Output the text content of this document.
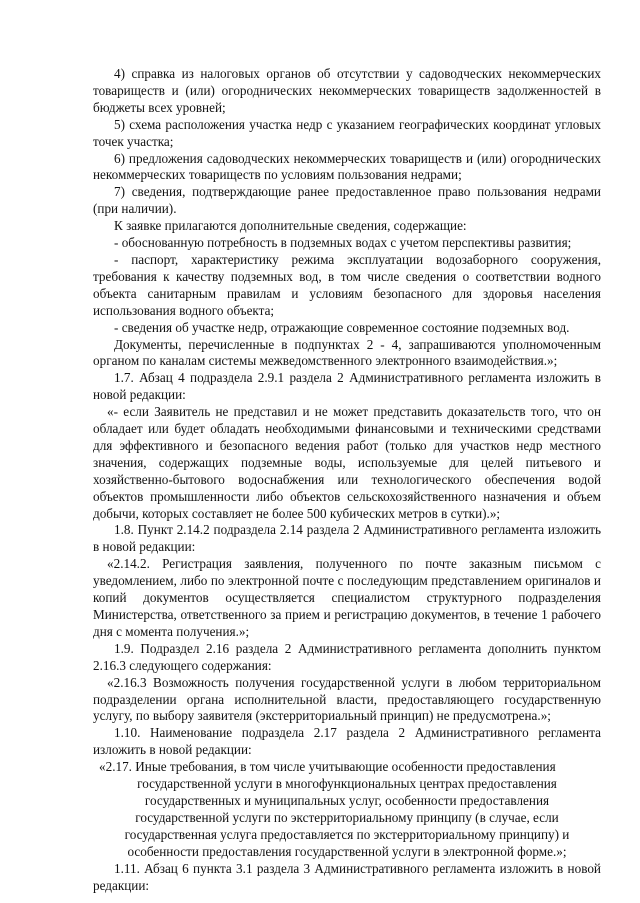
4) справка из налоговых органов об отсутствии у садоводческих некоммерческих товариществ и (или) огороднических некоммерческих товариществ задолженностей в бюджеты всех уровней;

5) схема расположения участка недр с указанием географических координат угловых точек участка;

6) предложения садоводческих некоммерческих товариществ и (или) огороднических некоммерческих товариществ по условиям пользования недрами;

7) сведения, подтверждающие ранее предоставленное право пользования недрами (при наличии).

К заявке прилагаются дополнительные сведения, содержащие:

- обоснованную потребность в подземных водах с учетом перспективы развития;

- паспорт, характеристику режима эксплуатации водозаборного сооружения, требования к качеству подземных вод, в том числе сведения о соответствии водного объекта санитарным правилам и условиям безопасного для здоровья населения использования водного объекта;

- сведения об участке недр, отражающие современное состояние подземных вод.

Документы, перечисленные в подпунктах 2 - 4, запрашиваются уполномоченным органом по каналам системы межведомственного электронного взаимодействия.»;

1.7. Абзац 4 подраздела 2.9.1 раздела 2 Административного регламента изложить в новой редакции:

«- если Заявитель не представил и не может представить доказательств того, что он обладает или будет обладать необходимыми финансовыми и техническими средствами для эффективного и безопасного ведения работ (только для участков недр местного значения, содержащих подземные воды, используемые для целей питьевого и хозяйственно-бытового водоснабжения или технологического обеспечения водой объектов промышленности либо объектов сельскохозяйственного назначения и объем добычи, которых составляет не более 500 кубических метров в сутки).»;

1.8. Пункт 2.14.2 подраздела 2.14 раздела 2 Административного регламента изложить в новой редакции:

«2.14.2. Регистрация заявления, полученного по почте заказным письмом с уведомлением, либо по электронной почте с последующим представлением оригиналов и копий документов осуществляется специалистом структурного подразделения Министерства, ответственного за прием и регистрацию документов, в течение 1 рабочего дня с момента получения.»;

1.9. Подраздел 2.16 раздела 2 Административного регламента дополнить пунктом 2.16.3 следующего содержания:

«2.16.3 Возможность получения государственной услуги в любом территориальном подразделении органа исполнительной власти, предоставляющего государственную услугу, по выбору заявителя (экстерриториальный принцип) не предусмотрена.»;

1.10. Наименование подраздела 2.17 раздела 2 Административного регламента изложить в новой редакции:

«2.17. Иные требования, в том числе учитывающие особенности предоставления

государственной услуги в многофункциональных центрах предоставления государственных и муниципальных услуг, особенности предоставления государственной услуги по экстерриториальному принципу (в случае, если государственная услуга предоставляется по экстерриториальному принципу) и особенности предоставления государственной услуги в электронной форме.»;

1.11. Абзац 6 пункта 3.1 раздела 3 Административного регламента изложить в новой редакции:
